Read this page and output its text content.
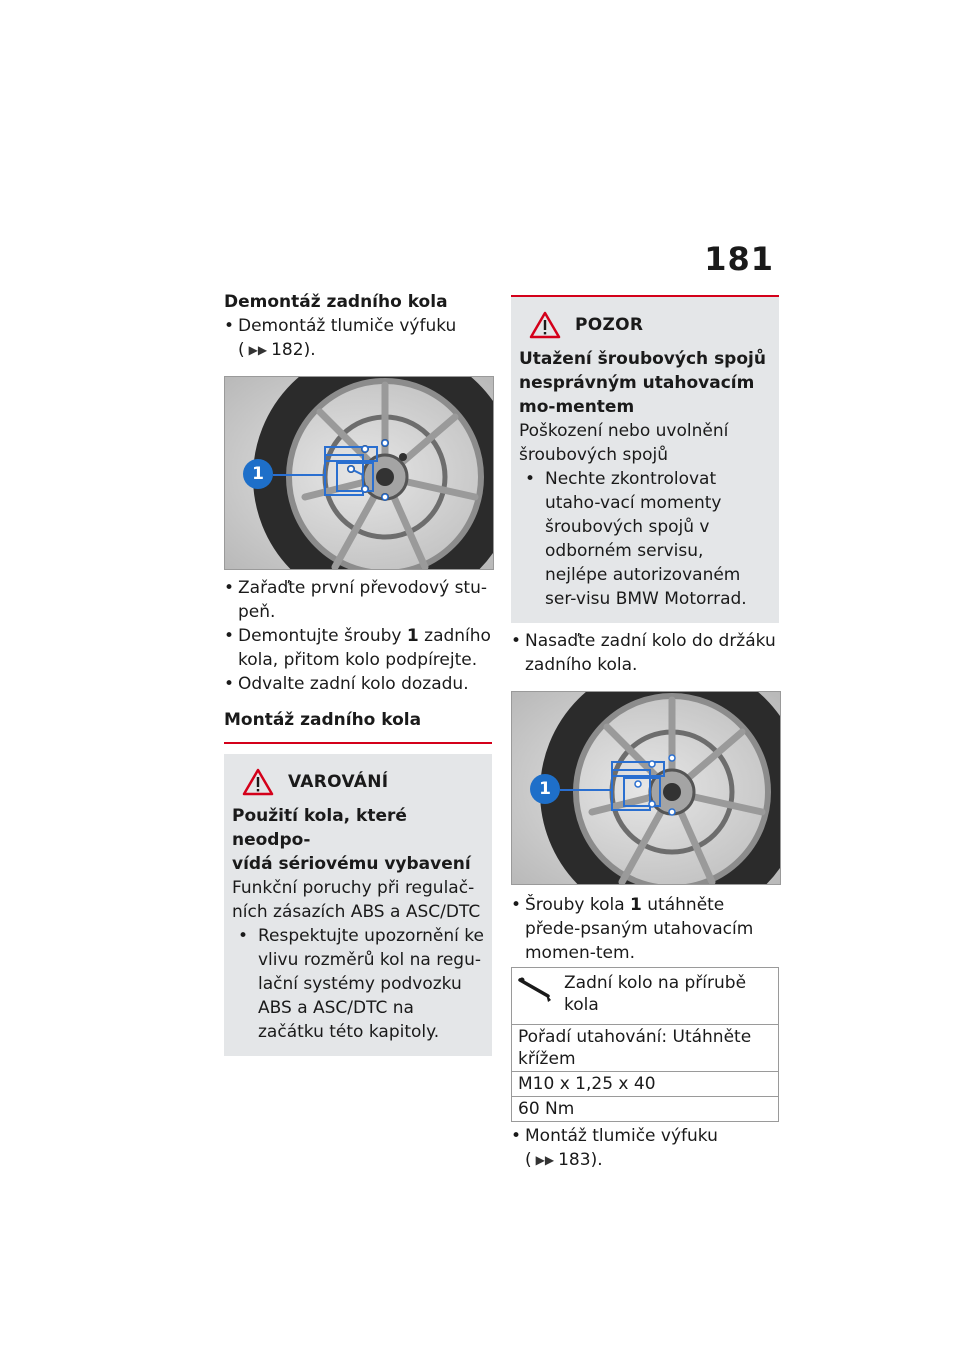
181
Demontáž zadního kola
• Demontáž tlumiče výfuku
( ▶▶ 182).
1
• Zařaďte první převodový stu-peň.
• Demontujte šrouby 1 zadního
kola, přitom kolo podpírejte.
• Odvalte zadní kolo dozadu.
Montáž zadního kola
VAROVÁNÍ
Použití kola, které neodpo-
vídá sériovému vybavení
Funkční poruchy při regulač-
ních zásazích ABS a ASC/DTC
• Respektujte upozornění ke vlivu rozměrů kol na regu-lační systémy podvozku ABS a ASC/DTC na začátku této kapitoly.
POZOR
Utažení šroubových spojů nesprávným utahovacím mo-mentem
Poškození nebo uvolnění šroubových spojů
• Nechte zkontrolovat utaho-vací momenty šroubových spojů v odborném servisu, nejlépe autorizovaném ser-visu BMW Motorrad.
• Nasaďte zadní kolo do držáku zadního kola.
1
• Šrouby kola 1 utáhněte přede-psaným utahovacím momen-tem.
Zadní kolo na přírubě kola

Pořadí utahování: Utáhněte křížem
M10 x 1,25 x 40
60 Nm
• Montáž tlumiče výfuku
( ▶▶ 183).
